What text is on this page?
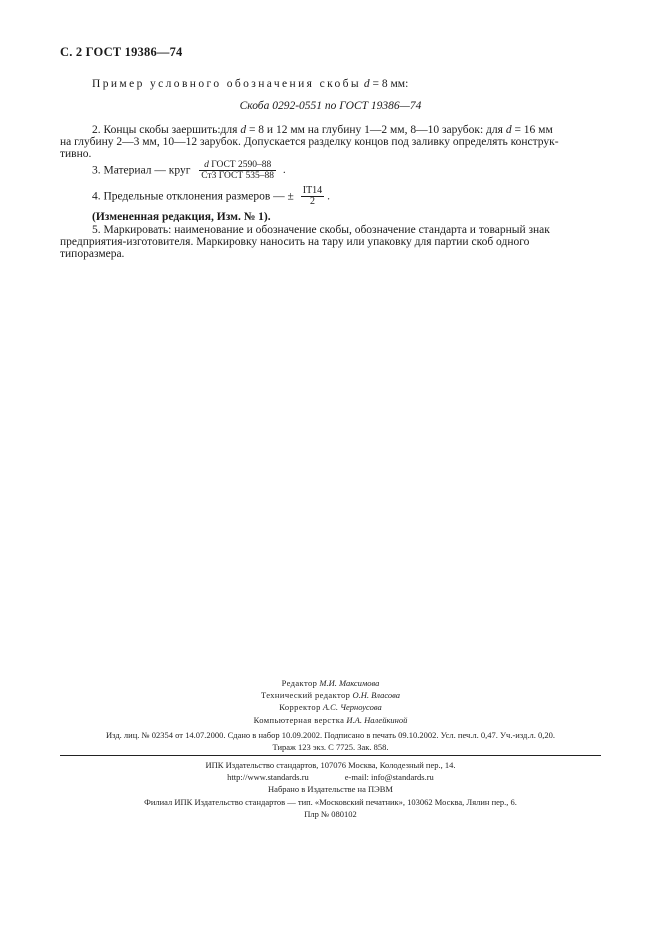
С. 2 ГОСТ 19386—74
Пример условного обозначения скобы d = 8 мм:
Скоба 0292-0551 по ГОСТ 19386—74
2. Концы скобы заершить:для d = 8 и 12 мм на глубину 1—2 мм, 8—10 зарубок: для d = 16 мм
на глубину 2—3 мм, 10—12 зарубок. Допускается разделку концов под заливку определять конструк-
тивно.
3. Материал — круг $\frac{\text{d ГОСТ 2590–88}}{\text{Ст3 ГОСТ 535–88}}$ .
4. Предельные отклонения размеров — ± $\frac{IT14}{2}$ .
(Измененная редакция, Изм. № 1).
5. Маркировать: наименование и обозначение скобы, обозначение стандарта и товарный знак
предприятия-изготовителя. Маркировку наносить на тару или упаковку для партии скоб одного
типоразмера.
Редактор М.И. Максимова
Технический редактор О.Н. Власова
Корректор А.С. Черноусова
Компьютерная верстка И.А. Налейкиной
Изд. лиц. № 02354 от 14.07.2000. Сдано в набор 10.09.2002. Подписано в печать 09.10.2002. Усл. печ.л. 0,47. Уч.-изд.л. 0,20.
Тираж 123 экз. С 7725. Зак. 858.
ИПК Издательство стандартов, 107076 Москва, Колодезный пер., 14.
http://www.standards.ru	e-mail: info@standards.ru
Набрано в Издательстве на ПЭВМ
Филиал ИПК Издательство стандартов — тип. «Московский печатник», 103062 Москва, Лялин пер., 6.
Плр № 080102
